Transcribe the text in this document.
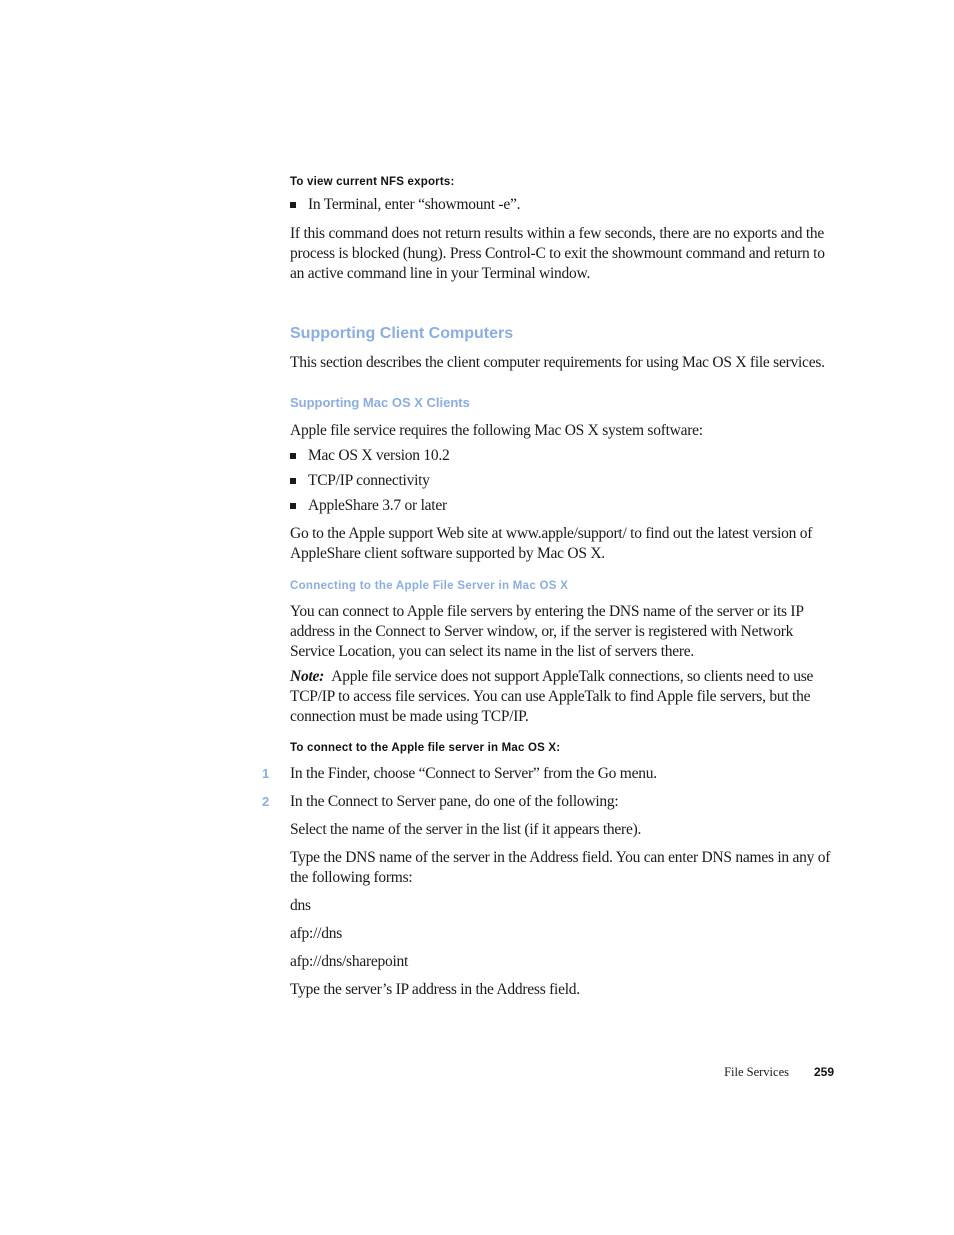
To view current NFS exports:
In Terminal, enter “showmount -e”.

If this command does not return results within a few seconds, there are no exports and the process is blocked (hung). Press Control-C to exit the showmount command and return to an active command line in your Terminal window.

Supporting Client Computers

This section describes the client computer requirements for using Mac OS X file services.

Supporting Mac OS X Clients

Apple file service requires the following Mac OS X system software:

Mac OS X version 10.2
TCP/IP connectivity
AppleShare 3.7 or later

Go to the Apple support Web site at www.apple/support/ to find out the latest version of AppleShare client software supported by Mac OS X.

Connecting to the Apple File Server in Mac OS X

You can connect to Apple file servers by entering the DNS name of the server or its IP address in the Connect to Server window, or, if the server is registered with Network Service Location, you can select its name in the list of servers there.

Note: Apple file service does not support AppleTalk connections, so clients need to use TCP/IP to access file services. You can use AppleTalk to find Apple file servers, but the connection must be made using TCP/IP.

To connect to the Apple file server in Mac OS X:
1 In the Finder, choose “Connect to Server” from the Go menu.

2 In the Connect to Server pane, do one of the following:

Select the name of the server in the list (if it appears there).

Type the DNS name of the server in the Address field. You can enter DNS names in any of the following forms:

dns

afp://dns

afp://dns/sharepoint

Type the server’s IP address in the Address field.

File Services	259
